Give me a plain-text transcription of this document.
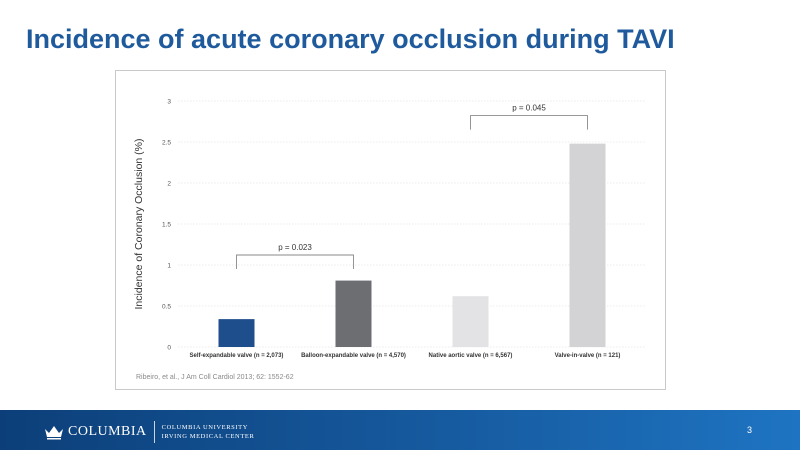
Incidence of acute coronary occlusion during TAVI
0
0.5
1
1.5
2
2.5
3
Incidence of Coronary Occlusion (%)
Self-expandable valve (n = 2,073)	Balloon-expandable valve (n = 4,570)	Native aortic valve (n = 6,567)	Valve-in-valve (n = 121)
p = 0.023
p = 0.045
Ribeiro, et al., J Am Coll Cardiol 2013; 62: 1552-62
COLUMBIA COLUMBIA UNIVERSITY
IRVING MEDICAL CENTER
3
